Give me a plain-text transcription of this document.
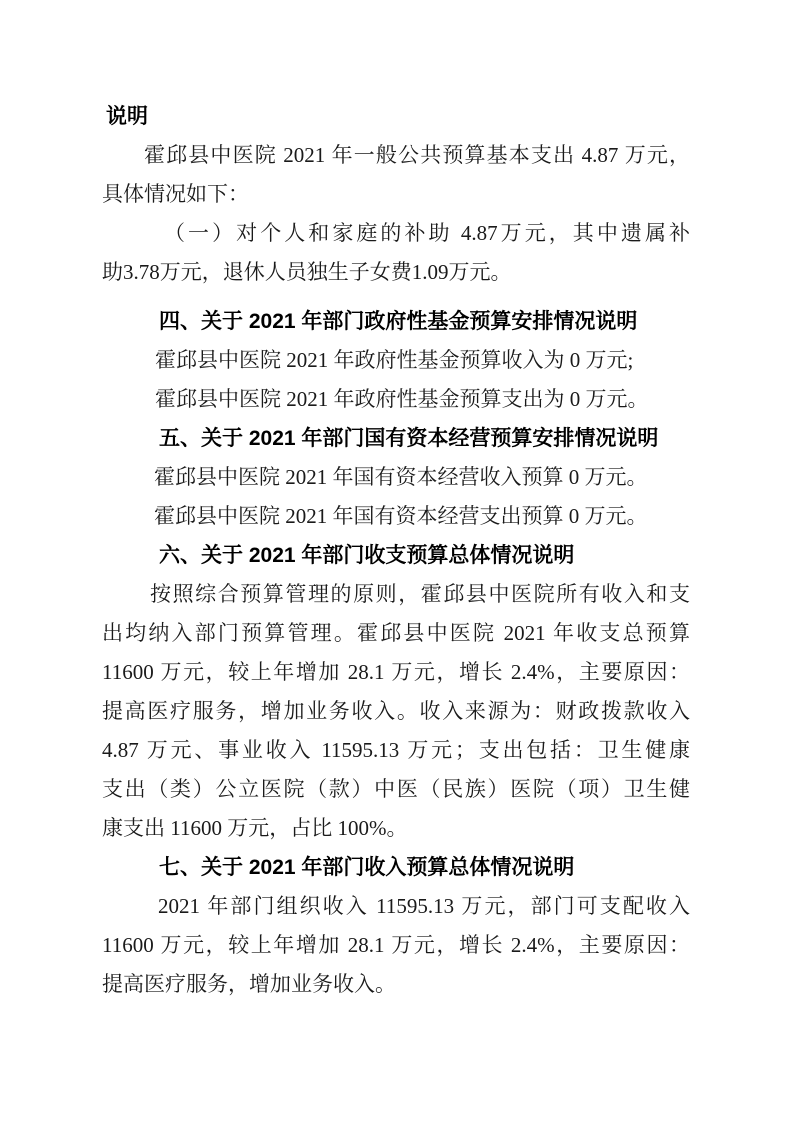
说明
霍邱县中医院 2021 年一般公共预算基本支出 4.87 万元，
具体情况如下：
（一）对个人和家庭的补助 4.87万元，其中遗属补
助3.78万元，退休人员独生子女费1.09万元。
四、关于 2021 年部门政府性基金预算安排情况说明
霍邱县中医院 2021 年政府性基金预算收入为 0 万元;
霍邱县中医院 2021 年政府性基金预算支出为 0 万元。
五、关于 2021 年部门国有资本经营预算安排情况说明
霍邱县中医院 2021 年国有资本经营收入预算 0 万元。
霍邱县中医院 2021 年国有资本经营支出预算 0 万元。
六、关于 2021 年部门收支预算总体情况说明
按照综合预算管理的原则，霍邱县中医院所有收入和支
出均纳入部门预算管理。霍邱县中医院 2021 年收支总预算
11600 万元，较上年增加 28.1 万元，增长 2.4%，主要原因：
提高医疗服务，增加业务收入。收入来源为：财政拨款收入
4.87 万元、事业收入 11595.13 万元；支出包括：卫生健康
支出（类）公立医院（款）中医（民族）医院（项）卫生健
康支出 11600 万元，占比 100%。
七、关于 2021 年部门收入预算总体情况说明
2021 年部门组织收入 11595.13 万元，部门可支配收入
11600 万元，较上年增加 28.1 万元，增长 2.4%，主要原因：
提高医疗服务，增加业务收入。
